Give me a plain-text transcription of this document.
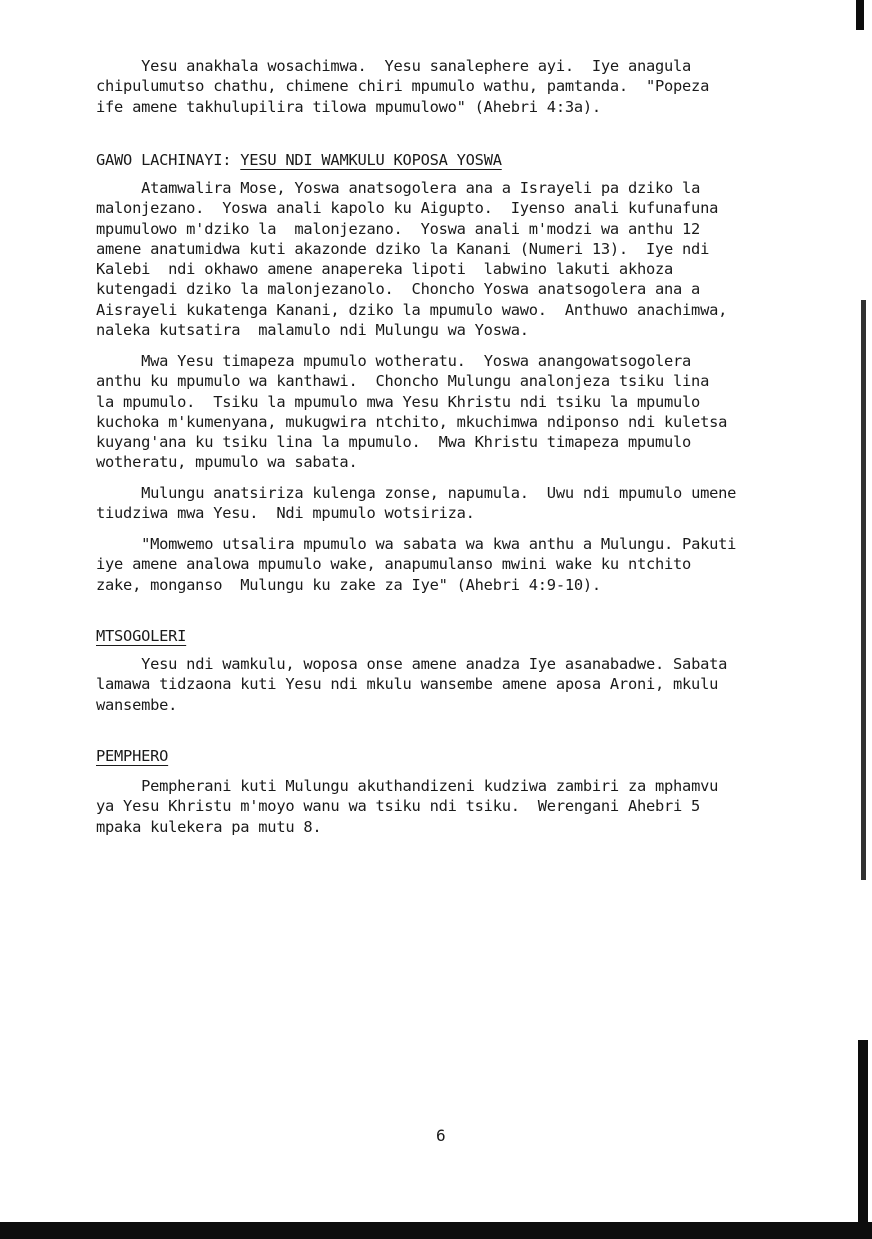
Yesu anakhala wosachimwa.  Yesu sanalephere ayi.  Iye anagula
chipulumutso chathu, chimene chiri mpumulo wathu, pamtanda.  "Popeza
ife amene takhulupilira tilowa mpumulowo" (Ahebri 4:3a).

GAWO LACHINAYI: YESU NDI WAMKULU KOPOSA YOSWA

Atamwalira Mose, Yoswa anatsogolera ana a Israyeli pa dziko la
malonjezano.  Yoswa anali kapolo ku Aigupto.  Iyenso anali kufunafuna
mpumulowo m'dziko la  malonjezano.  Yoswa anali m'modzi wa anthu 12
amene anatumidwa kuti akazonde dziko la Kanani (Numeri 13).  Iye ndi
Kalebi  ndi okhawo amene anapereka lipoti  labwino lakuti akhoza
kutengadi dziko la malonjezanolo.  Choncho Yoswa anatsogolera ana a
Aisrayeli kukatenga Kanani, dziko la mpumulo wawo.  Anthuwo anachimwa,
naleka kutsatira  malamulo ndi Mulungu wa Yoswa.

Mwa Yesu timapeza mpumulo wotheratu.  Yoswa anangowatsogolera
anthu ku mpumulo wa kanthawi.  Choncho Mulungu analonjeza tsiku lina
la mpumulo.  Tsiku la mpumulo mwa Yesu Khristu ndi tsiku la mpumulo
kuchoka m'kumenyana, mukugwira ntchito, mkuchimwa ndiponso ndi kuletsa
kuyang'ana ku tsiku lina la mpumulo.  Mwa Khristu timapeza mpumulo
wotheratu, mpumulo wa sabata.

Mulungu anatsiriza kulenga zonse, napumula.  Uwu ndi mpumulo umene
tiudziwa mwa Yesu.  Ndi mpumulo wotsiriza.

"Momwemo utsalira mpumulo wa sabata wa kwa anthu a Mulungu. Pakuti
iye amene analowa mpumulo wake, anapumulanso mwini wake ku ntchito
zake, monganso  Mulungu ku zake za Iye" (Ahebri 4:9-10).

MTSOGOLERI

Yesu ndi wamkulu, woposa onse amene anadza Iye asanabadwe. Sabata
lamawa tidzaona kuti Yesu ndi mkulu wansembe amene aposa Aroni, mkulu
wansembe.

PEMPHERO

Pempherani kuti Mulungu akuthandizeni kudziwa zambiri za mphamvu
ya Yesu Khristu m'moyo wanu wa tsiku ndi tsiku.  Werengani Ahebri 5
mpaka kulekera pa mutu 8.

6
